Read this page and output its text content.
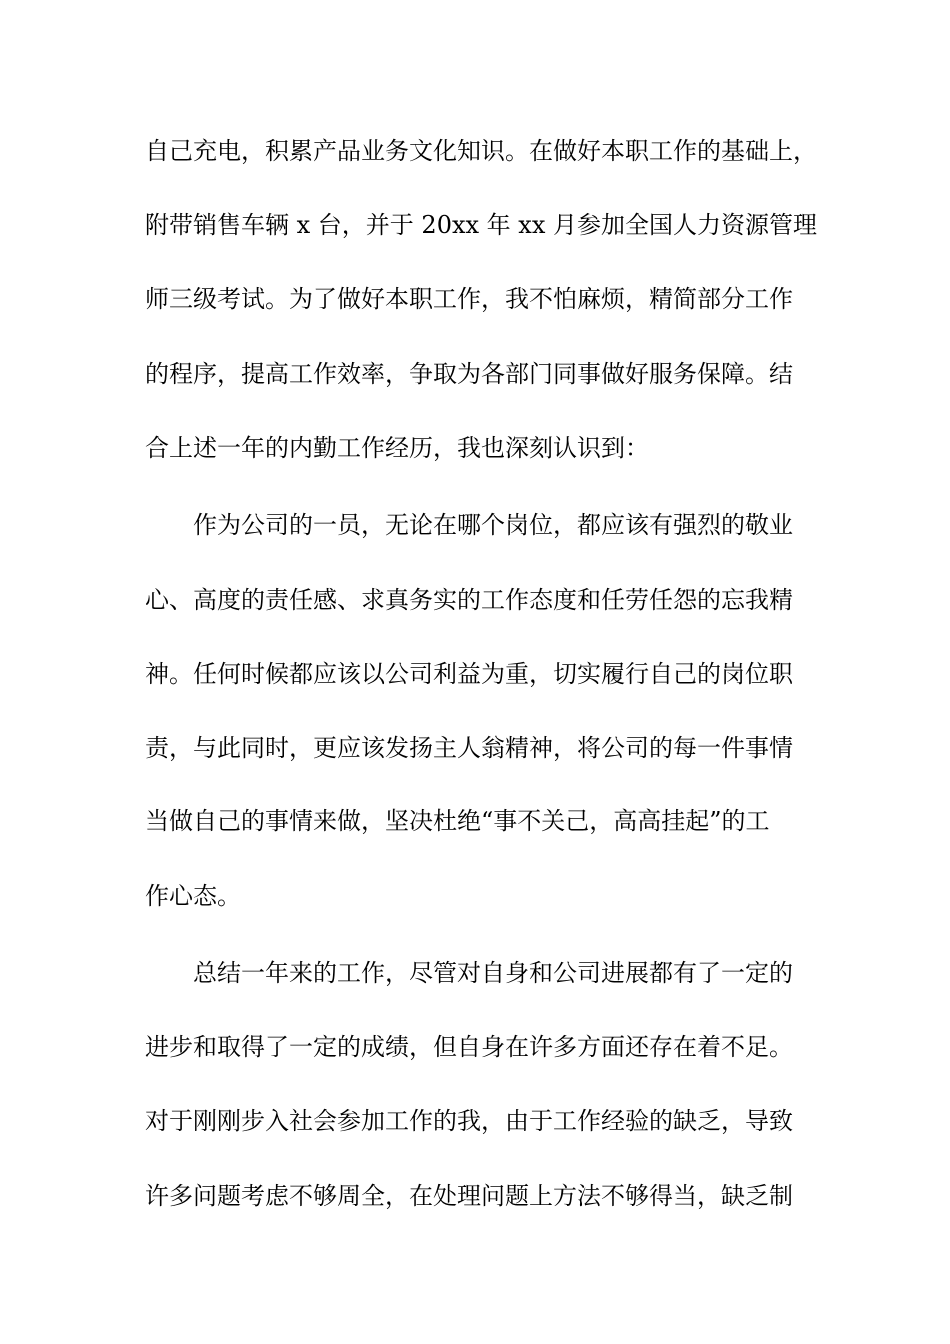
自己充电，积累产品业务文化知识。在做好本职工作的基础上，
附带销售车辆 x 台，并于 20xx 年 xx 月参加全国人力资源管理
师三级考试。为了做好本职工作，我不怕麻烦，精简部分工作
的程序，提高工作效率，争取为各部门同事做好服务保障。结
合上述一年的内勤工作经历，我也深刻认识到：
作为公司的一员，无论在哪个岗位，都应该有强烈的敬业
心、高度的责任感、求真务实的工作态度和任劳任怨的忘我精
神。任何时候都应该以公司利益为重，切实履行自己的岗位职
责，与此同时，更应该发扬主人翁精神，将公司的每一件事情
当做自己的事情来做，坚决杜绝“事不关己，高高挂起”的工
作心态。
总结一年来的工作，尽管对自身和公司进展都有了一定的
进步和取得了一定的成绩，但自身在许多方面还存在着不足。
对于刚刚步入社会参加工作的我，由于工作经验的缺乏，导致
许多问题考虑不够周全，在处理问题上方法不够得当，缺乏制
